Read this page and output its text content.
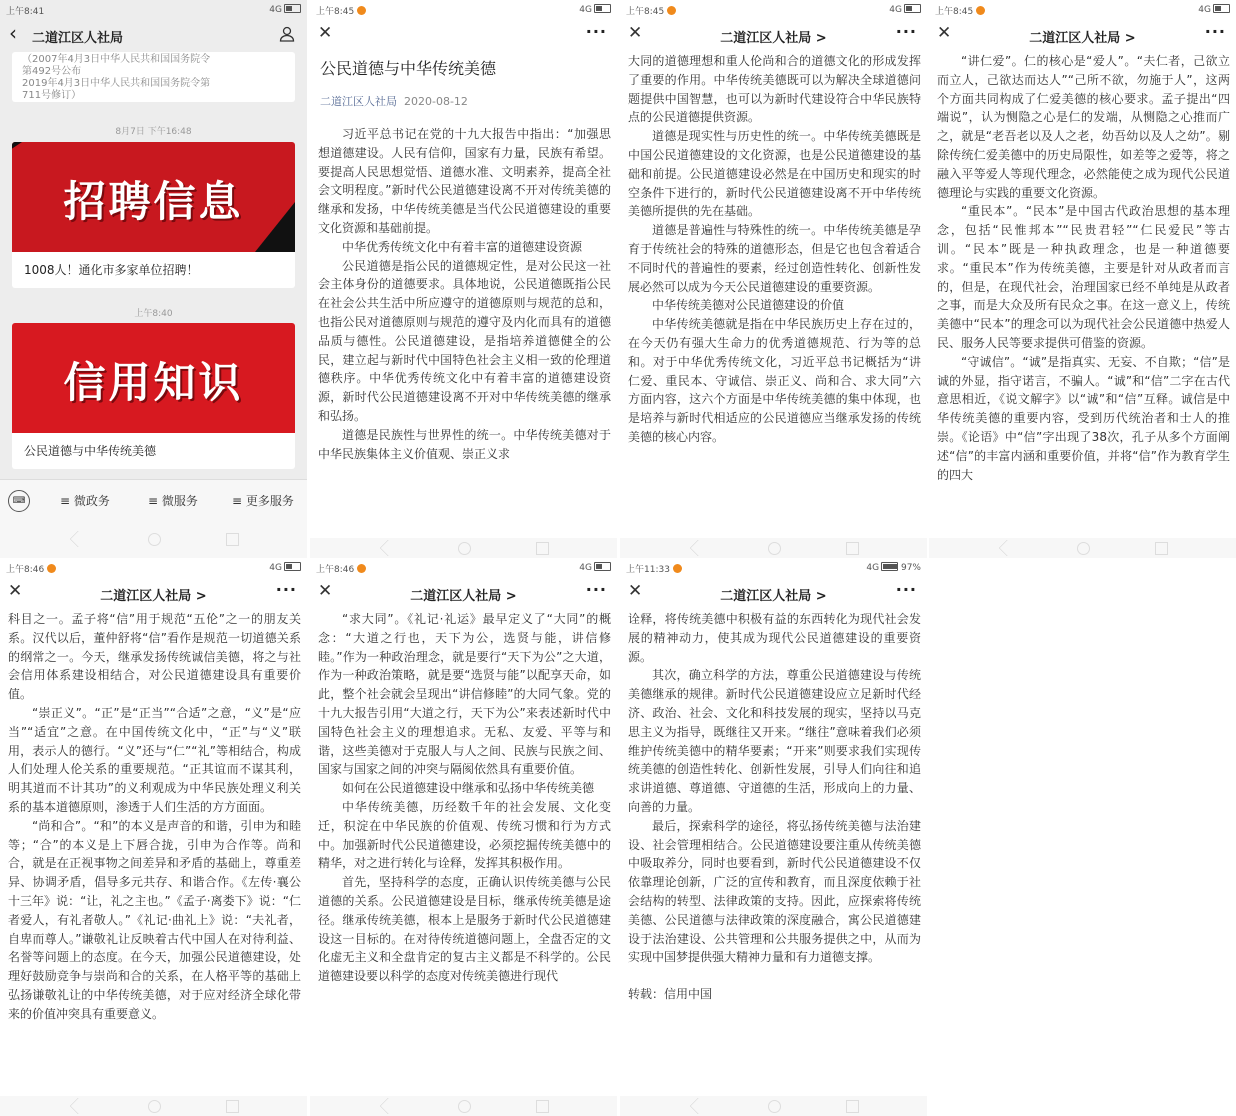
上午8:41	4G
‹ 二道江区人社局
（2007年4月3日中华人民共和国国务院令
第492号公布
2019年4月3日中华人民共和国国务院令第
711号修订）
8月7日 下午16:48
招聘信息
1008人！通化市多家单位招聘！
上午8:40
信用知识
公民道德与中华传统美德
⌨	≡ 微政务	≡ 微服务	≡ 更多服务
上午8:45	4G
✕	···
公民道德与中华传统美德
二道江区人社局 2020-08-12

习近平总书记在党的十九大报告中指出：“加强思想道德建设。人民有信仰，国家有力量，民族有希望。要提高人民思想觉悟、道德水准、文明素养，提高全社会文明程度。”新时代公民道德建设离不开对传统美德的继承和发扬，中华传统美德是当代公民道德建设的重要文化资源和基础前提。

中华优秀传统文化中有着丰富的道德建设资源

公民道德是指公民的道德规定性，是对公民这一社会主体身份的道德要求。具体地说，公民道德既指公民在社会公共生活中所应遵守的道德原则与规范的总和，也指公民对道德原则与规范的遵守及内化而具有的道德品质与德性。公民道德建设，是指培养道德健全的公民，建立起与新时代中国特色社会主义相一致的伦理道德秩序。中华优秀传统文化中有着丰富的道德建设资源，新时代公民道德建设离不开对中华传统美德的继承和弘扬。

道德是民族性与世界性的统一。中华传统美德对于中华民族集体主义价值观、崇正义求

上午8:45	4G
✕	二道江区人社局 >	···

大同的道德理想和重人伦尚和合的道德文化的形成发挥了重要的作用。中华传统美德既可以为解决全球道德问题提供中国智慧，也可以为新时代建设符合中华民族特点的公民道德提供资源。

道德是现实性与历史性的统一。中华传统美德既是中国公民道德建设的文化资源，也是公民道德建设的基础和前提。公民道德建设必然是在中国历史和现实的时空条件下进行的，新时代公民道德建设离不开中华传统美德所提供的先在基础。

道德是普遍性与特殊性的统一。中华传统美德是孕育于传统社会的特殊的道德形态，但是它也包含着适合不同时代的普遍性的要素，经过创造性转化、创新性发展必然可以成为今天公民道德建设的重要资源。

中华传统美德对公民道德建设的价值

中华传统美德就是指在中华民族历史上存在过的，在今天仍有强大生命力的优秀道德规范、行为等的总和。对于中华优秀传统文化，习近平总书记概括为“讲仁爱、重民本、守诚信、崇正义、尚和合、求大同”六方面内容，这六个方面是中华传统美德的集中体现，也是培养与新时代相适应的公民道德应当继承发扬的传统美德的核心内容。

上午8:45	4G
✕	二道江区人社局 >	···

“讲仁爱”。仁的核心是“爱人”。“夫仁者，己欲立而立人，己欲达而达人”“己所不欲，勿施于人”，这两个方面共同构成了仁爱美德的核心要求。孟子提出“四端说”，认为恻隐之心是仁的发端，从恻隐之心推而广之，就是“老吾老以及人之老，幼吾幼以及人之幼”。剔除传统仁爱美德中的历史局限性，如差等之爱等，将之融入平等爱人等现代理念，必然能使之成为现代公民道德理论与实践的重要文化资源。

“重民本”。“民本”是中国古代政治思想的基本理念，包括“民惟邦本”“民贵君轻”“仁民爱民”等古训。“民本”既是一种执政理念，也是一种道德要求。“重民本”作为传统美德，主要是针对从政者而言的，但是，在现代社会，治理国家已经不单纯是从政者之事，而是大众及所有民众之事。在这一意义上，传统美德中“民本”的理念可以为现代社会公民道德中热爱人民、服务人民等要求提供可借鉴的资源。

“守诚信”。“诚”是指真实、无妄、不自欺；“信”是诚的外显，指守诺言，不骗人。“诚”和“信”二字在古代意思相近，《说文解字》以“诚”和“信”互释。诚信是中华传统美德的重要内容，受到历代统治者和士人的推崇。《论语》中“信”字出现了38次，孔子从多个方面阐述“信”的丰富内涵和重要价值，并将“信”作为教育学生的四大

上午8:46	4G
✕	二道江区人社局 >	···

科目之一。孟子将“信”用于规范“五伦”之一的朋友关系。汉代以后，董仲舒将“信”看作是规范一切道德关系的纲常之一。今天，继承发扬传统诚信美德，将之与社会信用体系建设相结合，对公民道德建设具有重要价值。

“崇正义”。“正”是“正当”“合适”之意，“义”是“应当”“适宜”之意。在中国传统文化中，“正”与“义”联用，表示人的德行。“义”还与“仁”“礼”等相结合，构成人们处理人伦关系的重要规范。“正其谊而不谋其利，明其道而不计其功”的义利观成为中华民族处理义利关系的基本道德原则，渗透于人们生活的方方面面。

“尚和合”。“和”的本义是声音的和谐，引申为和睦等；“合”的本义是上下唇合拢，引申为合作等。尚和合，就是在正视事物之间差异和矛盾的基础上，尊重差异、协调矛盾，倡导多元共存、和谐合作。《左传·襄公十三年》说：“让，礼之主也。”《孟子·离娄下》说：“仁者爱人，有礼者敬人。”《礼记·曲礼上》说：“夫礼者，自卑而尊人。”谦敬礼让反映着古代中国人在对待利益、名誉等问题上的态度。在今天，加强公民道德建设，处理好鼓励竞争与崇尚和合的关系，在人格平等的基础上弘扬谦敬礼让的中华传统美德，对于应对经济全球化带来的价值冲突具有重要意义。

上午8:46	4G
✕	二道江区人社局 >	···

“求大同”。《礼记·礼运》最早定义了“大同”的概念：“大道之行也，天下为公，选贤与能，讲信修睦。”作为一种政治理念，就是要行“天下为公”之大道，作为一种政治策略，就是要“选贤与能”以配享天命，如此，整个社会就会呈现出“讲信修睦”的大同气象。党的十九大报告引用“大道之行，天下为公”来表述新时代中国特色社会主义的理想追求。无私、友爱、平等与和谐，这些美德对于克服人与人之间、民族与民族之间、国家与国家之间的冲突与隔阂依然具有重要价值。

如何在公民道德建设中继承和弘扬中华传统美德

中华传统美德，历经数千年的社会发展、文化变迁，积淀在中华民族的价值观、传统习惯和行为方式中。加强新时代公民道德建设，必须挖掘传统美德中的精华，对之进行转化与诠释，发挥其积极作用。

首先，坚持科学的态度，正确认识传统美德与公民道德的关系。公民道德建设是目标，继承传统美德是途径。继承传统美德，根本上是服务于新时代公民道德建设这一目标的。在对待传统道德问题上，全盘否定的文化虚无主义和全盘肯定的复古主义都是不科学的。公民道德建设要以科学的态度对传统美德进行现代

上午11:33	4G 97%
✕	二道江区人社局 >	···

诠释，将传统美德中积极有益的东西转化为现代社会发展的精神动力，使其成为现代公民道德建设的重要资源。

其次，确立科学的方法，尊重公民道德建设与传统美德继承的规律。新时代公民道德建设应立足新时代经济、政治、社会、文化和科技发展的现实，坚持以马克思主义为指导，既继往又开来。“继往”意味着我们必须维护传统美德中的精华要素；“开来”则要求我们实现传统美德的创造性转化、创新性发展，引导人们向往和追求讲道德、尊道德、守道德的生活，形成向上的力量、向善的力量。

最后，探索科学的途径，将弘扬传统美德与法治建设、社会管理相结合。公民道德建设要注重从传统美德中吸取养分，同时也要看到，新时代公民道德建设不仅依靠理论创新，广泛的宣传和教育，而且深度依赖于社会结构的转型、法律政策的支持。因此，应探索将传统美德、公民道德与法律政策的深度融合，寓公民道德建设于法治建设、公共管理和公共服务提供之中，从而为实现中国梦提供强大精神力量和有力道德支撑。

转载：信用中国
